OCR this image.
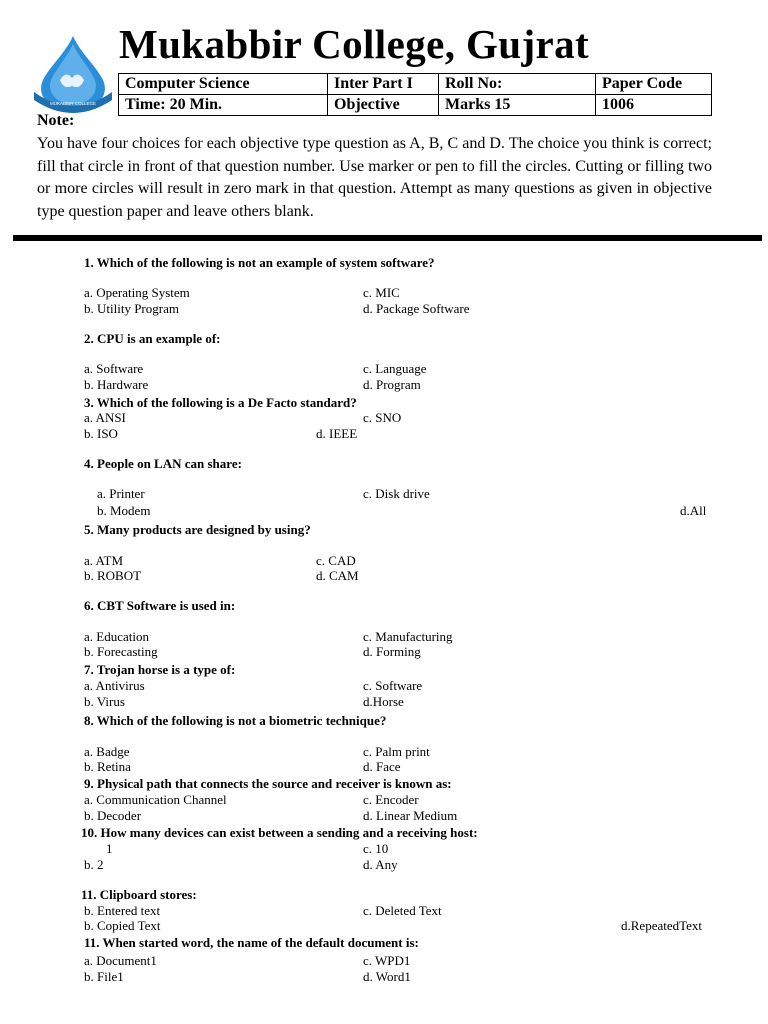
MUKABBIR COLLEGE
Mukabbir College, Gujrat
Computer Science	Inter Part I	Roll No:	Paper Code
Time: 20 Min.	Objective	Marks 15	1006
Note:
You have four choices for each objective type question as A, B, C and D. The choice you think is correct; fill that circle in front of that question number. Use marker or pen to fill the circles. Cutting or filling two or more circles will result in zero mark in that question. Attempt as many questions as given in objective type question paper and leave others blank.
1. Which of the following is not an example of system software?
a. Operating System	c. MIC
b. Utility Program	d. Package Software
2. CPU is an example of:
a. Software	c. Language
b. Hardware	d. Program
3. Which of the following is a De Facto standard?
a. ANSI	c. SNO
b. ISO	d. IEEE
4. People on LAN can share:
a. Printer	c. Disk drive
b. Modem	d.All
5. Many products are designed by using?
a. ATM	c. CAD
b. ROBOT	d. CAM
6. CBT Software is used in:
a. Education	c. Manufacturing
b. Forecasting	d. Forming
7. Trojan horse is a type of:
a. Antivirus	c. Software
b. Virus	d.Horse
8. Which of the following is not a biometric technique?
a. Badge	c. Palm print
b. Retina	d. Face
9. Physical path that connects the source and receiver is known as:
a. Communication Channel	c. Encoder
b. Decoder	d. Linear Medium
10. How many devices can exist between a sending and a receiving host:
1	c. 10
b. 2	d. Any
11. Clipboard stores:
b. Entered text	c. Deleted Text
b. Copied Text	d.RepeatedText
11. When started word, the name of the default document is:
a. Document1	c. WPD1
b. File1	d. Word1
